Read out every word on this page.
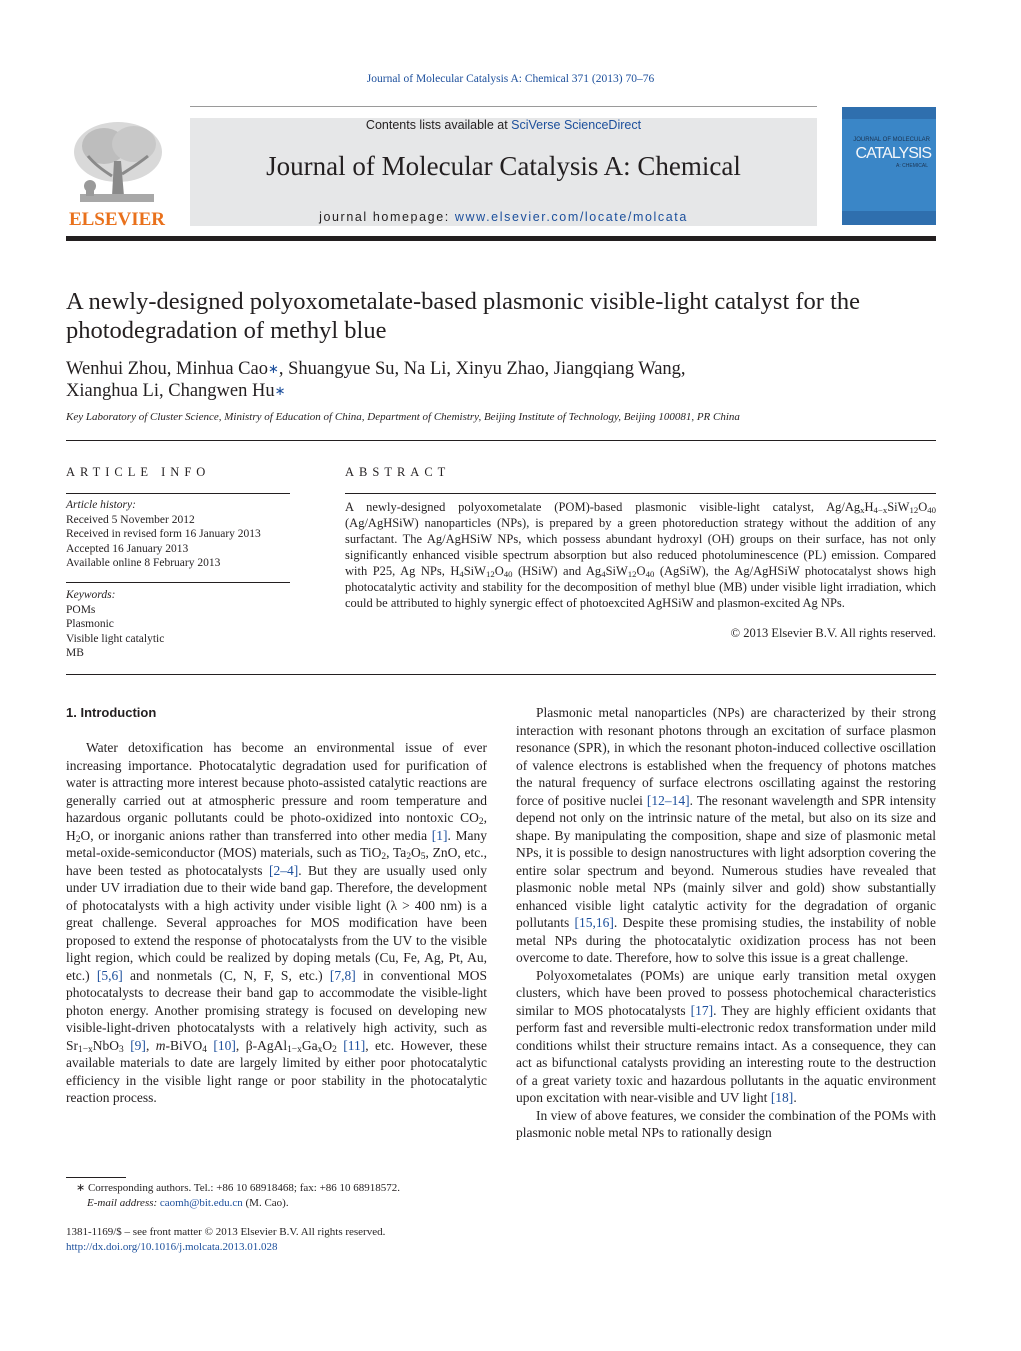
Journal of Molecular Catalysis A: Chemical 371 (2013) 70–76
ELSEVIER
Contents lists available at SciVerse ScienceDirect
Journal of Molecular Catalysis A: Chemical
journal homepage: www.elsevier.com/locate/molcata
JOURNAL OF MOLECULAR
CATALYSIS
A: CHEMICAL
A newly-designed polyoxometalate-based plasmonic visible-light catalyst for the photodegradation of methyl blue
Wenhui Zhou, Minhua Cao∗, Shuangyue Su, Na Li, Xinyu Zhao, Jiangqiang Wang,
Xianghua Li, Changwen Hu∗
Key Laboratory of Cluster Science, Ministry of Education of China, Department of Chemistry, Beijing Institute of Technology, Beijing 100081, PR China
ARTICLE INFO
Article history:
Received 5 November 2012
Received in revised form 16 January 2013
Accepted 16 January 2013
Available online 8 February 2013
Keywords:
POMs
Plasmonic
Visible light catalytic
MB
ABSTRACT
A newly-designed polyoxometalate (POM)-based plasmonic visible-light catalyst, $Ag/Ag_xH_{4-x}SiW_{12}O_{40}$ (Ag/AgHSiW) nanoparticles (NPs), is prepared by a green photoreduction strategy without the addition of any surfactant. The Ag/AgHSiW NPs, which possess abundant hydroxyl (OH) groups on their surface, has not only significantly enhanced visible spectrum absorption but also reduced photoluminescence (PL) emission. Compared with P25, Ag NPs, $H_4SiW_{12}O_{40}$ (HSiW) and $Ag_4SiW_{12}O_{40}$ (AgSiW), the Ag/AgHSiW photocatalyst shows high photocatalytic activity and stability for the decomposition of methyl blue (MB) under visible light irradiation, which could be attributed to highly synergic effect of photoexcited AgHSiW and plasmon-excited Ag NPs.
© 2013 Elsevier B.V. All rights reserved.
1. Introduction

Water detoxification has become an environmental issue of ever increasing importance. Photocatalytic degradation used for purification of water is attracting more interest because photo-assisted catalytic reactions are generally carried out at atmospheric pressure and room temperature and hazardous organic pollutants could be photo-oxidized into nontoxic $CO_2$, $H_2O$, or inorganic anions rather than transferred into other media [1]. Many metal-oxide-semiconductor (MOS) materials, such as TiO$_2$, $Ta_2O_5$, ZnO, etc., have been tested as photocatalysts [2–4]. But they are usually used only under UV irradiation due to their wide band gap. Therefore, the development of photocatalysts with a high activity under visible light (λ > 400 nm) is a great challenge. Several approaches for MOS modification have been proposed to extend the response of photocatalysts from the UV to the visible light region, which could be realized by doping metals (Cu, Fe, Ag, Pt, Au, etc.) [5,6] and nonmetals (C, N, F, S, etc.) [7,8] in conventional MOS photocatalysts to decrease their band gap to accommodate the visible-light photon energy. Another promising strategy is focused on developing new visible-light-driven photocatalysts with a relatively high activity, such as $Sr_{1-x}NbO_3$ [9], m-BiVO$_4$ [10], $\beta-AgAl_{1-x}Ga_xO_2$ [11], etc. However, these available materials to date are largely limited by either poor photocatalytic efficiency in the visible light range or poor stability in the photocatalytic reaction process.

Plasmonic metal nanoparticles (NPs) are characterized by their strong interaction with resonant photons through an excitation of surface plasmon resonance (SPR), in which the resonant photon-induced collective oscillation of valence electrons is established when the frequency of photons matches the natural frequency of surface electrons oscillating against the restoring force of positive nuclei [12–14]. The resonant wavelength and SPR intensity depend not only on the intrinsic nature of the metal, but also on its size and shape. By manipulating the composition, shape and size of plasmonic metal NPs, it is possible to design nanostructures with light adsorption covering the entire solar spectrum and beyond. Numerous studies have revealed that plasmonic noble metal NPs (mainly silver and gold) show substantially enhanced visible light catalytic activity for the degradation of organic pollutants [15,16]. Despite these promising studies, the instability of noble metal NPs during the photocatalytic oxidization process has not been overcome to date. Therefore, how to solve this issue is a great challenge.

Polyoxometalates (POMs) are unique early transition metal oxygen clusters, which have been proved to possess photochemical characteristics similar to MOS photocatalysts [17]. They are highly efficient oxidants that perform fast and reversible multi-electronic redox transformation under mild conditions whilst their structure remains intact. As a consequence, they can act as bifunctional catalysts providing an interesting route to the destruction of a great variety toxic and hazardous pollutants in the aquatic environment upon excitation with near-visible and UV light [18].

In view of above features, we consider the combination of the POMs with plasmonic noble metal NPs to rationally design

∗ Corresponding authors. Tel.: +86 10 68918468; fax: +86 10 68918572.
E-mail address: caomh@bit.edu.cn (M. Cao).
1381-1169/$ – see front matter © 2013 Elsevier B.V. All rights reserved.
http://dx.doi.org/10.1016/j.molcata.2013.01.028
